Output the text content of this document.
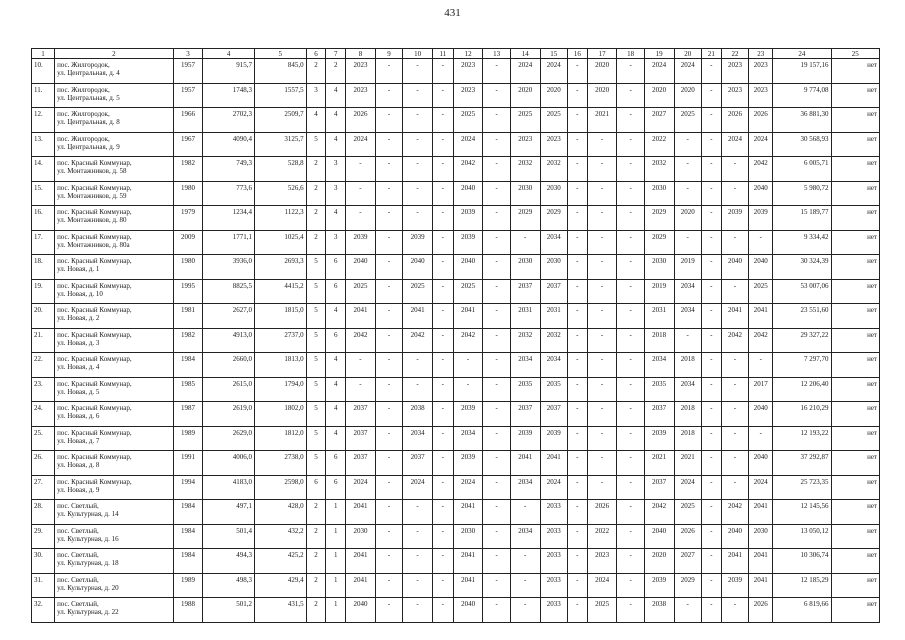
431
1	2	3	4	5	6	7	8	9	10	11	12	13	14	15	16	17	18	19	20	21	22	23	24	25
10.	пос. Жилгородок,
ул. Центральная, д. 4	1957	915,7	845,0	2	2	2023	-	-	-	2023	-	2024	2024	-	2020	-	2024	2024	-	2023	2023	19 157,16	нет
11.	пос. Жилгородок,
ул. Центральная, д. 5	1957	1748,3	1557,5	3	4	2023	-	-	-	2023	-	2020	2020	-	2020	-	2020	2020	-	2023	2023	9 774,08	нет
12.	пос. Жилгородок,
ул. Центральная, д. 8	1966	2702,3	2509,7	4	4	2026	-	-	-	2025	-	2025	2025	-	2021	-	2027	2025	-	2026	2026	36 881,30	нет
13.	пос. Жилгородок,
ул. Центральная, д. 9	1967	4090,4	3125,7	5	4	2024	-	-	-	2024	-	2023	2023	-	-	-	2022	-	-	2024	2024	30 568,93	нет
14.	пос. Красный Коммунар,
ул. Монтажников, д. 58	1982	749,3	528,8	2	3	-	-	-	-	2042	-	2032	2032	-	-	-	2032	-	-	-	2042	6 005,71	нет
15.	пос. Красный Коммунар,
ул. Монтажников, д. 59	1980	773,6	526,6	2	3	-	-	-	-	2040	-	2030	2030	-	-	-	2030	-	-	-	2040	5 980,72	нет
16.	пос. Красный Коммунар,
ул. Монтажников, д. 80	1979	1234,4	1122,3	2	4	-	-	-	-	2039	-	2029	2029	-	-	-	2029	2020	-	2039	2039	15 189,77	нет
17.	пос. Красный Коммунар,
ул. Монтажников, д. 80а	2009	1771,1	1025,4	2	3	2039	-	2039	-	2039	-	-	2034	-	-	-	2029	-	-	-	-	9 334,42	нет
18.	пос. Красный Коммунар,
ул. Новая, д. 1	1980	3936,0	2693,3	5	6	2040	-	2040	-	2040	-	2030	2030	-	-	-	2030	2019	-	2040	2040	30 324,39	нет
19.	пос. Красный Коммунар,
ул. Новая, д. 10	1995	8825,5	4415,2	5	6	2025	-	2025	-	2025	-	2037	2037	-	-	-	2019	2034	-	-	2025	53 007,06	нет
20.	пос. Красный Коммунар,
ул. Новая, д. 2	1981	2627,0	1815,0	5	4	2041	-	2041	-	2041	-	2031	2031	-	-	-	2031	2034	-	2041	2041	23 551,60	нет
21.	пос. Красный Коммунар,
ул. Новая, д. 3	1982	4913,0	2737,0	5	6	2042	-	2042	-	2042	-	2032	2032	-	-	-	2018	-	-	2042	2042	29 327,22	нет
22.	пос. Красный Коммунар,
ул. Новая, д. 4	1984	2660,0	1813,0	5	4	-	-	-	-	-	-	2034	2034	-	-	-	2034	2018	-	-	-	7 297,70	нет
23.	пос. Красный Коммунар,
ул. Новая, д. 5	1985	2615,0	1794,0	5	4	-	-	-	-	-	-	2035	2035	-	-	-	2035	2034	-	-	2017	12 206,40	нет
24.	пос. Красный Коммунар,
ул. Новая, д. 6	1987	2619,0	1802,0	5	4	2037	-	2038	-	2039	-	2037	2037	-	-	-	2037	2018	-	-	2040	16 210,29	нет
25.	пос. Красный Коммунар,
ул. Новая, д. 7	1989	2629,0	1812,0	5	4	2037	-	2034	-	2034	-	2039	2039	-	-	-	2039	2018	-	-	-	12 193,22	нет
26.	пос. Красный Коммунар,
ул. Новая, д. 8	1991	4006,0	2738,0	5	6	2037	-	2037	-	2039	-	2041	2041	-	-	-	2021	2021	-	-	2040	37 292,87	нет
27.	пос. Красный Коммунар,
ул. Новая, д. 9	1994	4183,0	2598,0	6	6	2024	-	2024	-	2024	-	2034	2024	-	-	-	2037	2024	-	-	2024	25 723,35	нет
28.	пос. Светлый,
ул. Культурная, д. 14	1984	497,1	428,0	2	1	2041	-	-	-	2041	-	-	2033	-	2026	-	2042	2025	-	2042	2041	12 145,56	нет
29.	пос. Светлый,
ул. Культурная, д. 16	1984	501,4	432,2	2	1	2030	-	-	-	2030	-	2034	2033	-	2022	-	2040	2026	-	2040	2030	13 050,12	нет
30.	пос. Светлый,
ул. Культурная, д. 18	1984	494,3	425,2	2	1	2041	-	-	-	2041	-	-	2033	-	2023	-	2020	2027	-	2041	2041	10 306,74	нет
31.	пос. Светлый,
ул. Культурная, д. 20	1989	498,3	429,4	2	1	2041	-	-	-	2041	-	-	2033	-	2024	-	2039	2029	-	2039	2041	12 185,29	нет
32.	пос. Светлый,
ул. Культурная, д. 22	1988	501,2	431,5	2	1	2040	-	-	-	2040	-	-	2033	-	2025	-	2038	-	-	-	2026	6 819,66	нет
